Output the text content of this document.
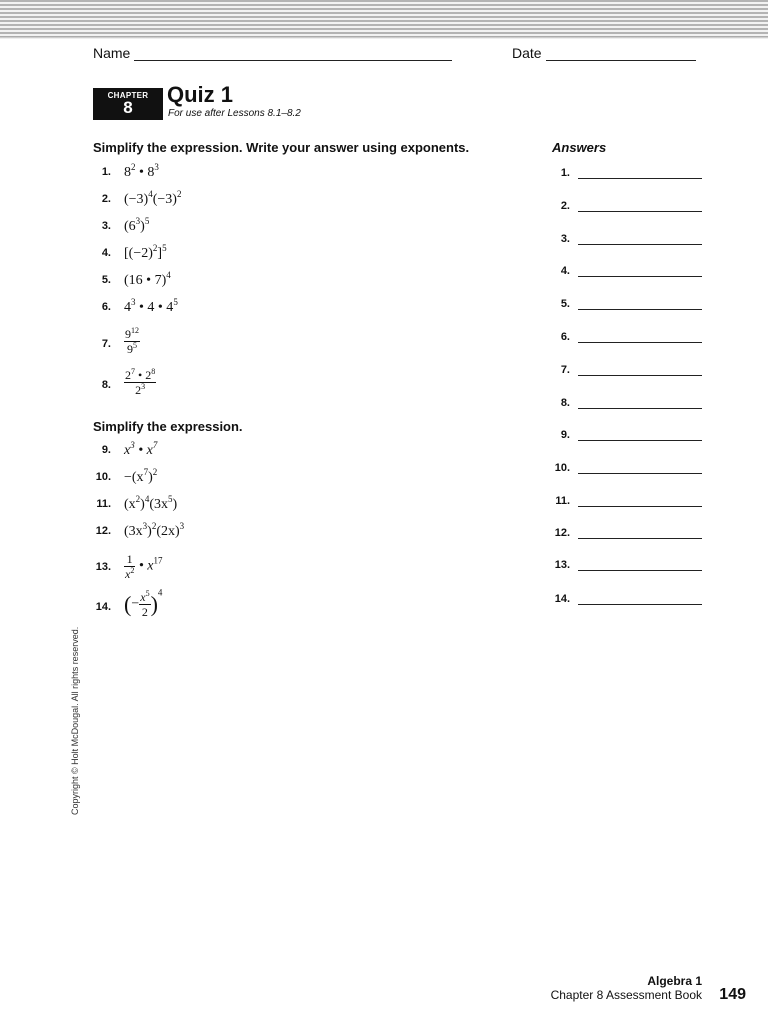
Name	Date
CHAPTER
8
Quiz 1
For use after Lessons 8.1–8.2
Simplify the expression. Write your answer using exponents.	Answers
1. $8^2$ • $8^3$
2. $(-3)^4(-3)^2$
3. $(6^3)^5$
4. $[(-2)^2]^5$
5. (16 • 7)$^4$
6. $4^3$ • 4 • $4^5$
7. $\frac{9^{12}}{9^5}$
8. $\frac{2^7 • 2^8}{2^3}$
Simplify the expression.
9. $x^3$ • $x^7$
10. $-(x^7)^2$
11. $(x^2)^4(3x^5)$
12. $(3x^3)^2(2x)^3$
13. $\frac{1}{x^2}$ • $x^{17}$
14. (− $\frac{x^5}{2} )^4$
1.
2.
3.
4.
5.
6.
7.
8.
9.
10.
11.
12.
13.
14.
Copyright © Holt McDougal. All rights reserved.
Algebra 1
Chapter 8 Assessment Book 149
